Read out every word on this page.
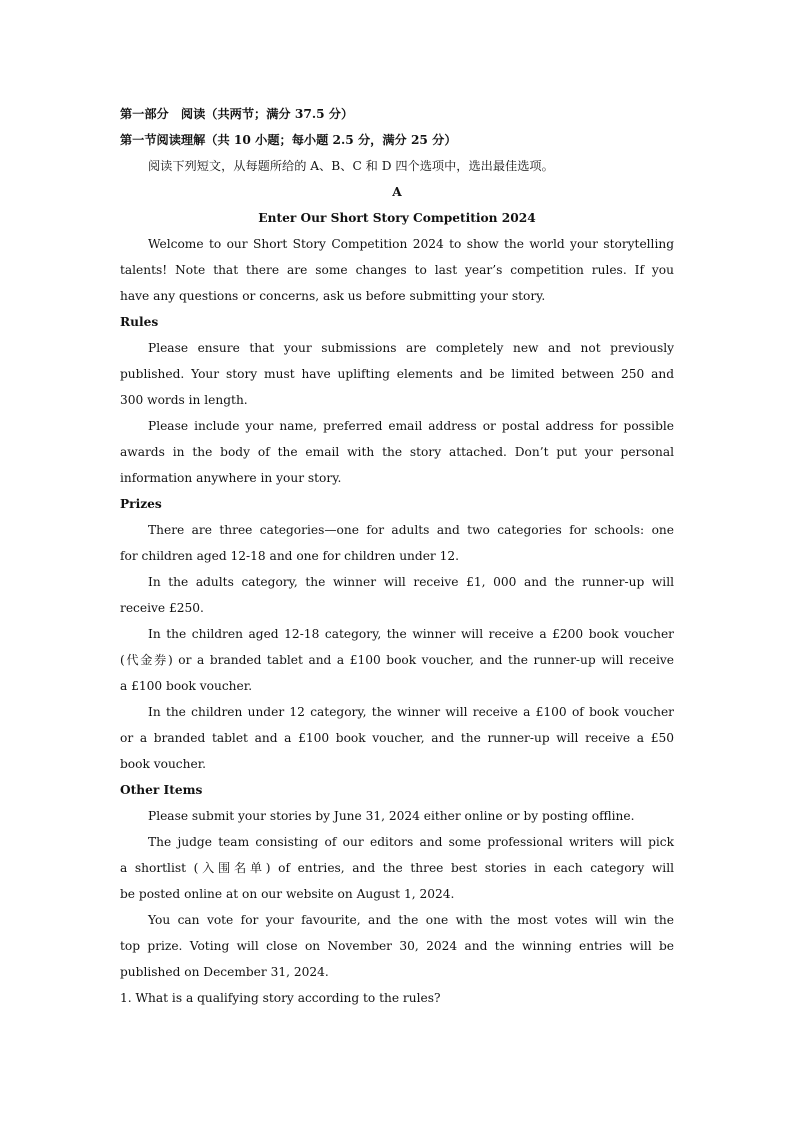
第一部分　阅读（共两节；满分 37.5 分）
第一节阅读理解（共 10 小题；每小题 2.5 分，满分 25 分）
阅读下列短文，从每题所给的 A、B、C 和 D 四个选项中，选出最佳选项。
A
Enter Our Short Story Competition 2024
Welcome to our Short Story Competition 2024 to show the world your storytelling
talents! Note that there are some changes to last year’s competition rules. If you
have any questions or concerns, ask us before submitting your story.
Rules
Please ensure that your submissions are completely new and not previously
published. Your story must have uplifting elements and be limited between 250 and
300 words in length.
Please include your name, preferred email address or postal address for possible
awards in the body of the email with the story attached. Don’t put your personal
information anywhere in your story.
Prizes
There are three categories—one for adults and two categories for schools: one
for children aged 12-18 and one for children under 12.
In the adults category, the winner will receive £1, 000 and the runner-up will
receive £250.
In the children aged 12-18 category, the winner will receive a £200 book voucher
(代金券) or a branded tablet and a £100 book voucher, and the runner-up will receive
a £100 book voucher.
In the children under 12 category, the winner will receive a £100 of book voucher
or a branded tablet and a £100 book voucher, and the runner-up will receive a £50
book voucher.
Other Items
Please submit your stories by June 31, 2024 either online or by posting offline.
The judge team consisting of our editors and some professional writers will pick
a shortlist (入围名单) of entries, and the three best stories in each category will
be posted online at on our website on August 1, 2024.
You can vote for your favourite, and the one with the most votes will win the
top prize. Voting will close on November 30, 2024 and the winning entries will be
published on December 31, 2024.
1. What is a qualifying story according to the rules?
